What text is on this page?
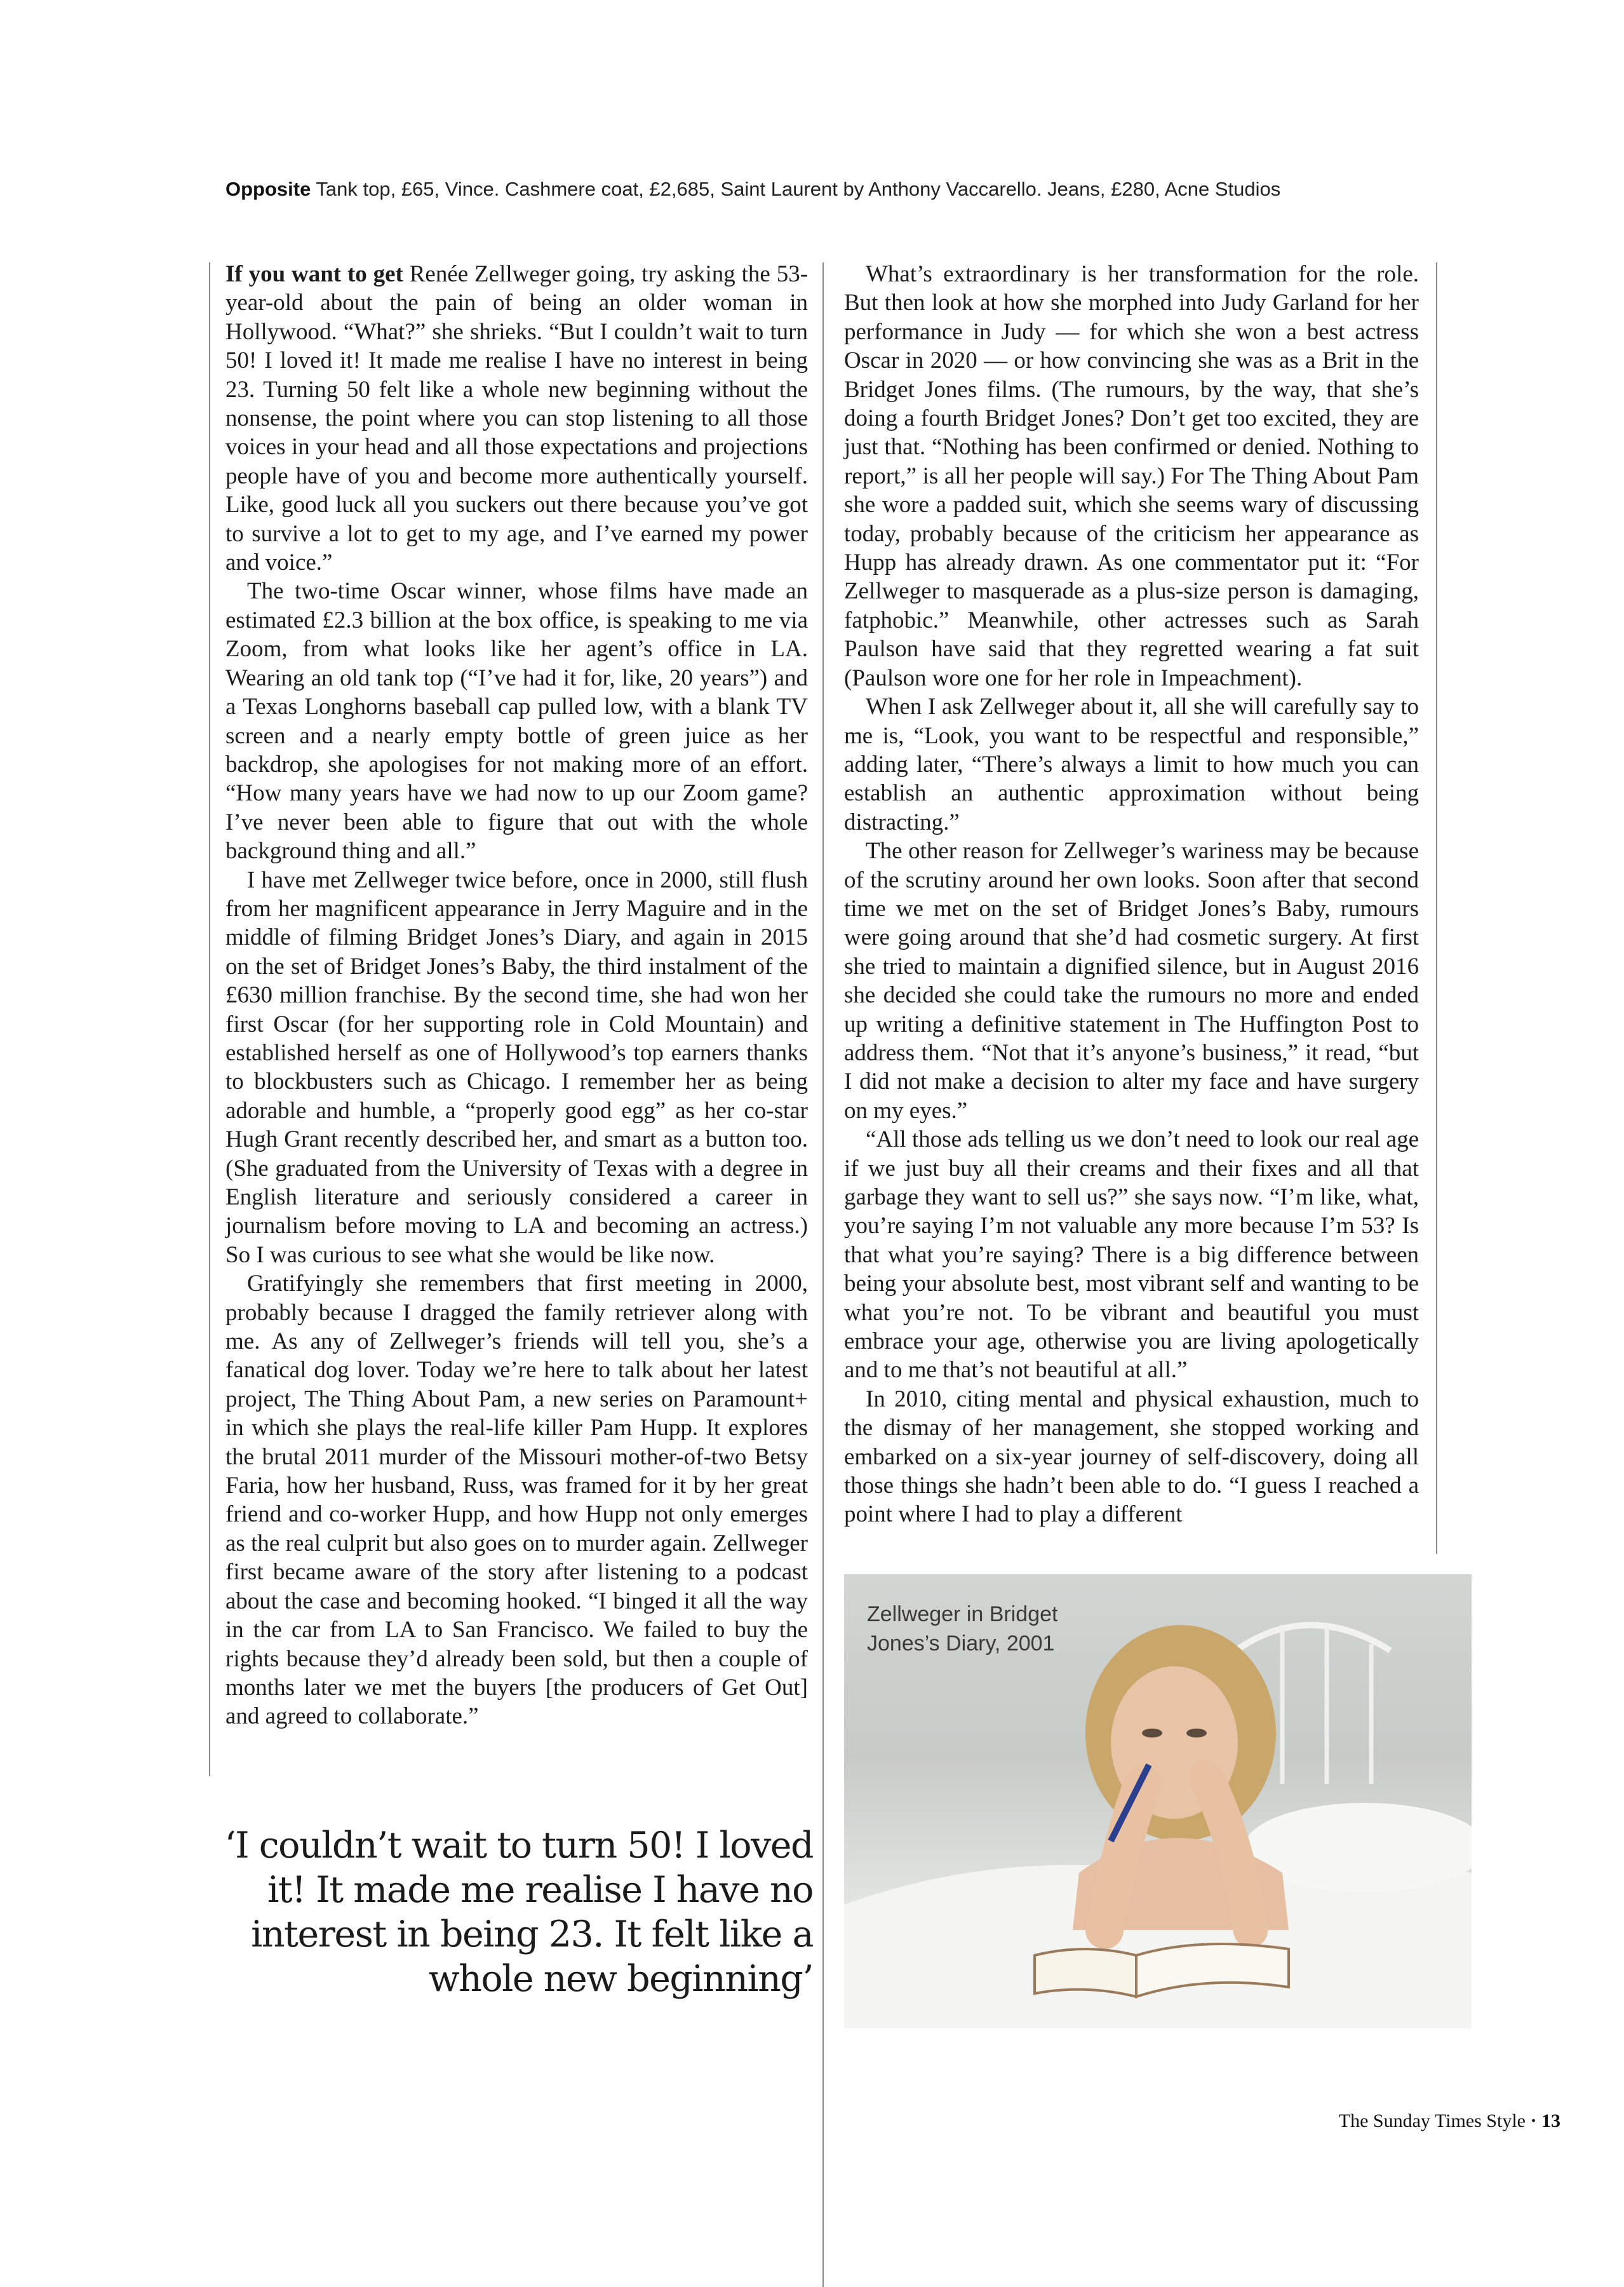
Opposite Tank top, £65, Vince. Cashmere coat, £2,685, Saint Laurent by Anthony Vaccarello. Jeans, £280, Acne Studios

If you want to get Renée Zellweger going, try asking the 53-year-old about the pain of being an older woman in Hollywood. “What?” she shrieks. “But I couldn’t wait to turn 50! I loved it! It made me realise I have no interest in being 23. Turning 50 felt like a whole new beginning without the nonsense, the point where you can stop listening to all those voices in your head and all those expectations and projections people have of you and become more authentically yourself. Like, good luck all you suckers out there because you’ve got to survive a lot to get to my age, and I’ve earned my power and voice.”

The two-time Oscar winner, whose films have made an estimated £2.3 billion at the box office, is speaking to me via Zoom, from what looks like her agent’s office in LA. Wearing an old tank top (“I’ve had it for, like, 20 years”) and a Texas Longhorns baseball cap pulled low, with a blank TV screen and a nearly empty bottle of green juice as her backdrop, she apologises for not making more of an effort. “How many years have we had now to up our Zoom game? I’ve never been able to figure that out with the whole background thing and all.”

I have met Zellweger twice before, once in 2000, still flush from her magnificent appearance in Jerry Maguire and in the middle of filming Bridget Jones’s Diary, and again in 2015 on the set of Bridget Jones’s Baby, the third instalment of the £630 million franchise. By the second time, she had won her first Oscar (for her supporting role in Cold Mountain) and established herself as one of Hollywood’s top earners thanks to blockbusters such as Chicago. I remember her as being adorable and humble, a “properly good egg” as her co-star Hugh Grant recently described her, and smart as a button too. (She graduated from the University of Texas with a degree in English literature and seriously considered a career in journalism before moving to LA and becoming an actress.) So I was curious to see what she would be like now.

Gratifyingly she remembers that first meeting in 2000, probably because I dragged the family retriever along with me. As any of Zellweger’s friends will tell you, she’s a fanatical dog lover. Today we’re here to talk about her latest project, The Thing About Pam, a new series on Paramount+ in which she plays the real-life killer Pam Hupp. It explores the brutal 2011 murder of the Missouri mother-of-two Betsy Faria, how her husband, Russ, was framed for it by her great friend and co-worker Hupp, and how Hupp not only emerges as the real culprit but also goes on to murder again. Zellweger first became aware of the story after listening to a podcast about the case and becoming hooked. “I binged it all the way in the car from LA to San Francisco. We failed to buy the rights because they’d already been sold, but then a couple of months later we met the buyers [the producers of Get Out] and agreed to collaborate.”

What’s extraordinary is her transformation for the role. But then look at how she morphed into Judy Garland for her performance in Judy — for which she won a best actress Oscar in 2020 — or how convincing she was as a Brit in the Bridget Jones films. (The rumours, by the way, that she’s doing a fourth Bridget Jones? Don’t get too excited, they are just that. “Nothing has been confirmed or denied. Nothing to report,” is all her people will say.) For The Thing About Pam she wore a padded suit, which she seems wary of discussing today, probably because of the criticism her appearance as Hupp has already drawn. As one commentator put it: “For Zellweger to masquerade as a plus-size person is damaging, fatphobic.” Meanwhile, other actresses such as Sarah Paulson have said that they regretted wearing a fat suit (Paulson wore one for her role in Impeachment).

When I ask Zellweger about it, all she will carefully say to me is, “Look, you want to be respectful and responsible,” adding later, “There’s always a limit to how much you can establish an authentic approximation without being distracting.”

The other reason for Zellweger’s wariness may be because of the scrutiny around her own looks. Soon after that second time we met on the set of Bridget Jones’s Baby, rumours were going around that she’d had cosmetic surgery. At first she tried to maintain a dignified silence, but in August 2016 she decided she could take the rumours no more and ended up writing a definitive statement in The Huffington Post to address them. “Not that it’s anyone’s business,” it read, “but I did not make a decision to alter my face and have surgery on my eyes.”

“All those ads telling us we don’t need to look our real age if we just buy all their creams and their fixes and all that garbage they want to sell us?” she says now. “I’m like, what, you’re saying I’m not valuable any more because I’m 53? Is that what you’re saying? There is a big difference between being your absolute best, most vibrant self and wanting to be what you’re not. To be vibrant and beautiful you must embrace your age, otherwise you are living apologetically and to me that’s not beautiful at all.”

In 2010, citing mental and physical exhaustion, much to the dismay of her management, she stopped working and embarked on a six-year journey of self-discovery, doing all those things she hadn’t been able to do. “I guess I reached a point where I had to play a different

‘I couldn’t wait to turn 50! I loved it! It made me realise I have no interest in being 23. It felt like a whole new beginning’
Zellweger in Bridget Jones’s Diary, 2001
The Sunday Times Style · 13
